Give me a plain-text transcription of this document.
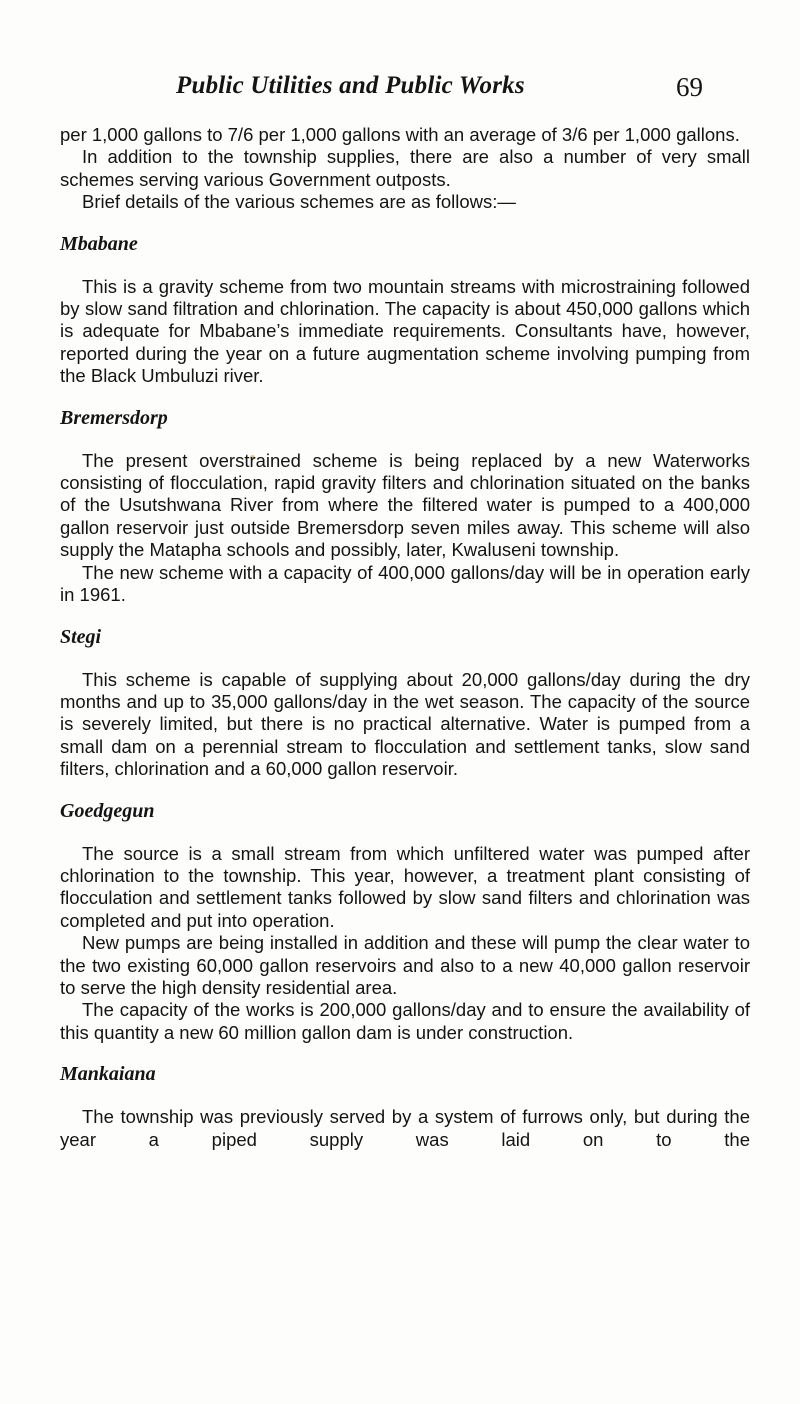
Public Utilities and Public Works	69

per 1,000 gallons to 7/6 per 1,000 gallons with an average of 3/6 per 1,000 gallons.

In addition to the township supplies, there are also a number of very small schemes serving various Government outposts.

Brief details of the various schemes are as follows:—

Mbabane

This is a gravity scheme from two mountain streams with microstraining followed by slow sand filtration and chlorination. The capacity is about 450,000 gallons which is adequate for Mbabane’s immediate requirements. Consultants have, however, reported during the year on a future augmentation scheme involving pumping from the Black Umbuluzi river.

Bremersdorp

The present overstrained scheme is being replaced by a new Waterworks consisting of flocculation, rapid gravity filters and chlorination situated on the banks of the Usutshwana River from where the filtered water is pumped to a 400,000 gallon reservoir just outside Bremersdorp seven miles away. This scheme will also supply the Matapha schools and possibly, later, Kwaluseni township.

The new scheme with a capacity of 400,000 gallons/day will be in operation early in 1961.

Stegi

This scheme is capable of supplying about 20,000 gallons/day during the dry months and up to 35,000 gallons/day in the wet season. The capacity of the source is severely limited, but there is no practical alternative. Water is pumped from a small dam on a perennial stream to flocculation and settlement tanks, slow sand filters, chlorination and a 60,000 gallon reservoir.

Goedgegun

The source is a small stream from which unfiltered water was pumped after chlorination to the township. This year, however, a treatment plant consisting of flocculation and settlement tanks followed by slow sand filters and chlorination was completed and put into operation.

New pumps are being installed in addition and these will pump the clear water to the two existing 60,000 gallon reservoirs and also to a new 40,000 gallon reservoir to serve the high density residential area.

The capacity of the works is 200,000 gallons/day and to ensure the availability of this quantity a new 60 million gallon dam is under construction.

Mankaiana

The township was previously served by a system of furrows only, but during the year a piped supply was laid on to the
